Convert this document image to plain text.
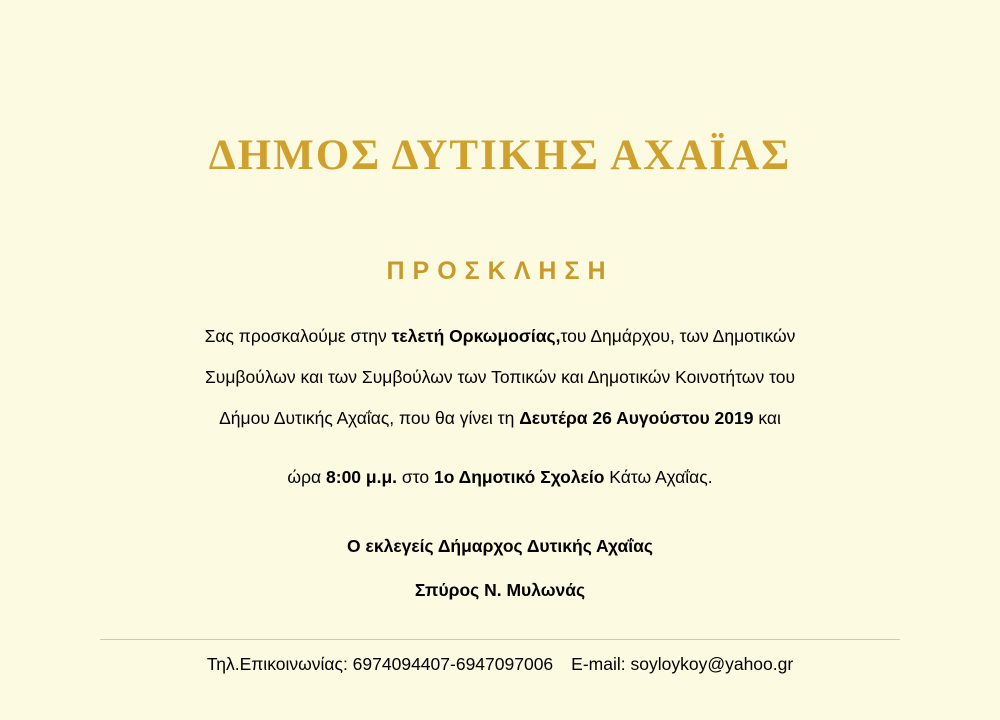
ΔΗΜΟΣ ΔΥΤΙΚΗΣ ΑΧΑΪΑΣ
ΠΡΟΣΚΛΗΣΗ
Σας προσκαλούμε στην τελετή Ορκωμοσίας,του Δημάρχου, των Δημοτικών
Συμβούλων και των Συμβούλων των Τοπικών και Δημοτικών Κοινοτήτων του
Δήμου Δυτικής Αχαΐας, που θα γίνει τη Δευτέρα 26 Αυγούστου 2019 και
ώρα 8:00 μ.μ. στο 1ο Δημοτικό Σχολείο Κάτω Αχαΐας.
Ο εκλεγείς Δήμαρχος Δυτικής Αχαΐας
Σπύρος Ν. Μυλωνάς
Τηλ.Επικοινωνίας: 6974094407-6947097006 E-mail: soyloykoy@yahoo.gr
